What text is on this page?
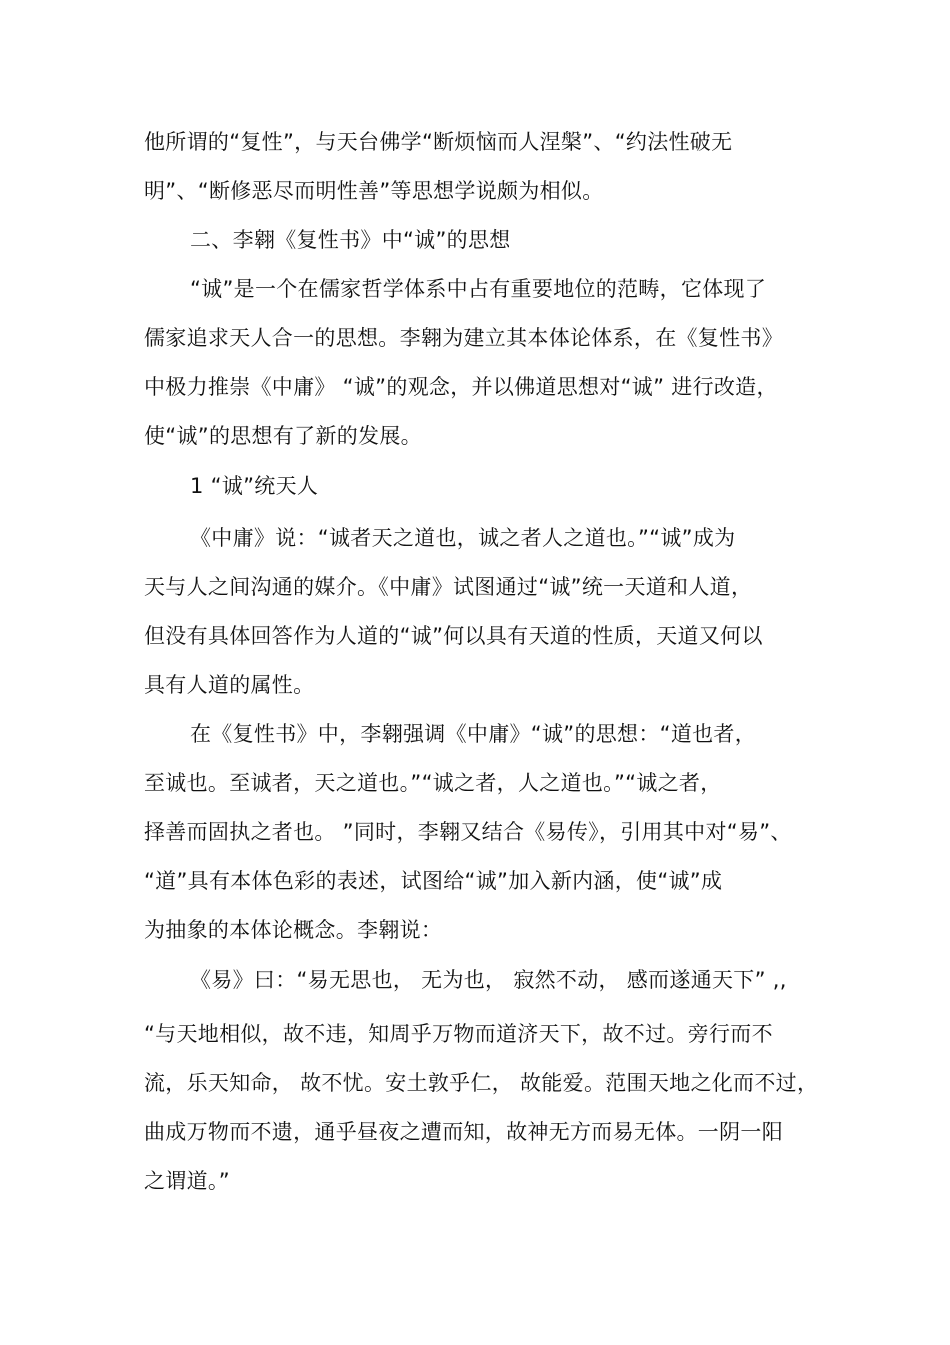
他所谓的“复性”，与天台佛学“断烦恼而人涅槃”、“约法性破无
明”、“断修恶尽而明性善”等思想学说颇为相似。
二、李翱《复性书》中“诚”的思想
“诚”是一个在儒家哲学体系中占有重要地位的范畴，它体现了
儒家追求天人合一的思想。李翱为建立其本体论体系，在《复性书》
中极力推崇《中庸》 “诚”的观念，并以佛道思想对“诚” 进行改造，
使“诚”的思想有了新的发展。
1 “诚”统天人
《中庸》说：“诚者天之道也，诚之者人之道也。”“诚”成为
天与人之间沟通的媒介。《中庸》试图通过“诚”统一天道和人道，
但没有具体回答作为人道的“诚”何以具有天道的性质，天道又何以
具有人道的属性。
在《复性书》中，李翱强调《中庸》“诚”的思想：“道也者，
至诚也。至诚者，天之道也。”“诚之者，人之道也。”“诚之者，
择善而固执之者也。 ”同时，李翱又结合《易传》，引用其中对“易”、
“道”具有本体色彩的表述，试图给“诚”加入新内涵，使“诚”成
为抽象的本体论概念。李翱说：
《易》曰：“易无思也， 无为也， 寂然不动， 感而遂通天下” ,,
“与天地相似，故不违，知周乎万物而道济天下，故不过。旁行而不
流，乐天知命， 故不忧。安土敦乎仁， 故能爱。范围天地之化而不过，
曲成万物而不遗，通乎昼夜之遭而知，故神无方而易无体。一阴一阳
之谓道。”
